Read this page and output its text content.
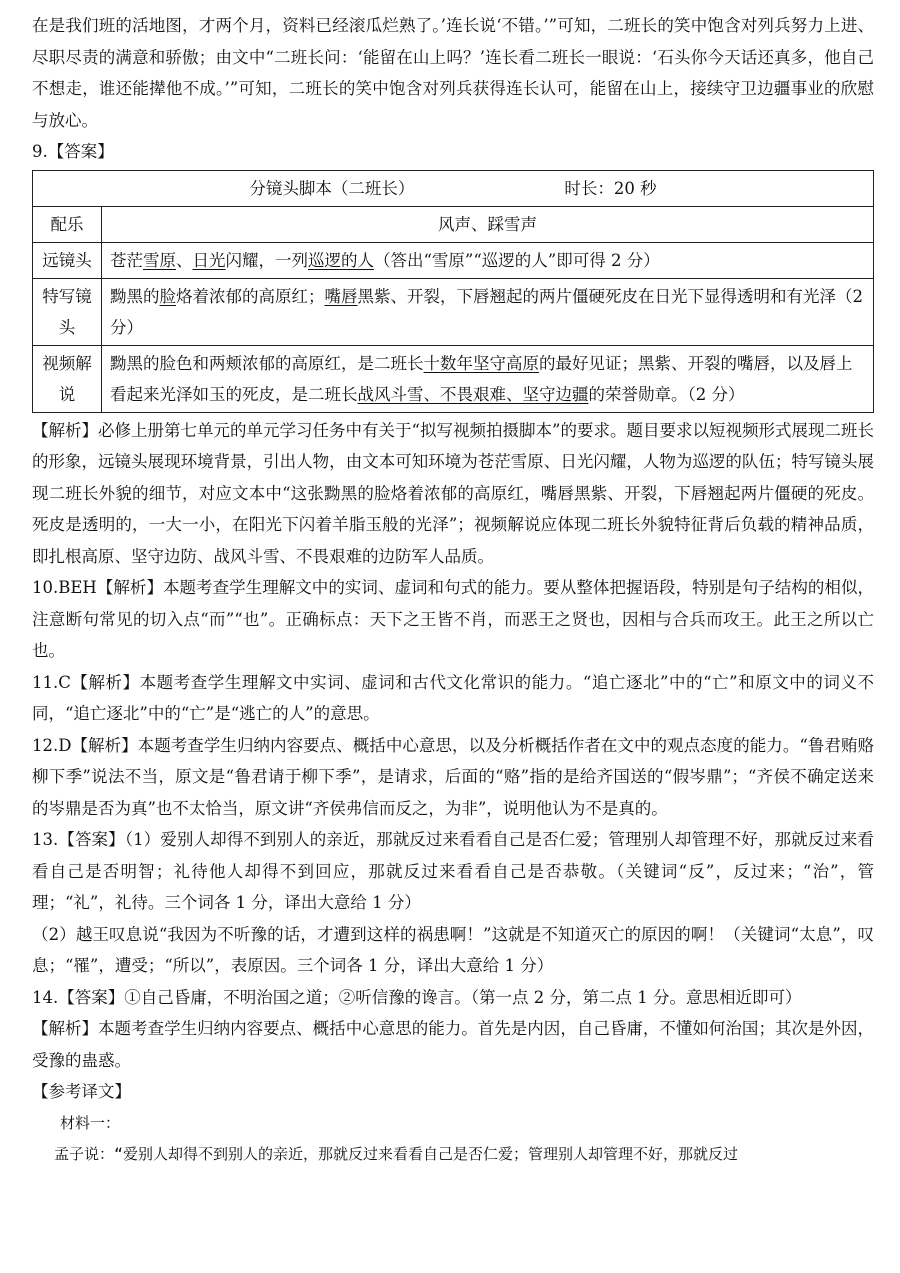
在是我们班的活地图，才两个月，资料已经滚瓜烂熟了。’连长说‘不错。’”可知，二班长的笑中饱含对列兵努力上进、尽职尽责的满意和骄傲；由文中“二班长问：‘能留在山上吗？’连长看二班长一眼说：‘石头你今天话还真多，他自己不想走，谁还能撵他不成。’”可知，二班长的笑中饱含对列兵获得连长认可，能留在山上，接续守卫边疆事业的欣慰与放心。

9.【答案】

分镜头脚本（二班长） 时长：20 秒	

配乐	风声、踩雪声
远镜头	苍茫雪原、日光闪耀，一列巡逻的人（答出“雪原”“巡逻的人”即可得 2 分）
特写镜头	黝黑的脸烙着浓郁的高原红；嘴唇黑紫、开裂，下唇翘起的两片僵硬死皮在日光下显得透明和有光泽（2 分）
视频解说	黝黑的脸色和两颊浓郁的高原红，是二班长十数年坚守高原的最好见证；黑紫、开裂的嘴唇，以及唇上看起来光泽如玉的死皮，是二班长战风斗雪、不畏艰难、坚守边疆的荣誉勋章。（2 分）

【解析】必修上册第七单元的单元学习任务中有关于“拟写视频拍摄脚本”的要求。题目要求以短视频形式展现二班长的形象，远镜头展现环境背景，引出人物，由文本可知环境为苍茫雪原、日光闪耀，人物为巡逻的队伍；特写镜头展现二班长外貌的细节，对应文本中“这张黝黑的脸烙着浓郁的高原红，嘴唇黑紫、开裂，下唇翘起两片僵硬的死皮。死皮是透明的，一大一小，在阳光下闪着羊脂玉般的光泽”；视频解说应体现二班长外貌特征背后负载的精神品质，即扎根高原、坚守边防、战风斗雪、不畏艰难的边防军人品质。

10.BEH【解析】本题考查学生理解文中的实词、虚词和句式的能力。要从整体把握语段，特别是句子结构的相似，注意断句常见的切入点“而”“也”。正确标点：天下之王皆不肖，而恶王之贤也，因相与合兵而攻王。此王之所以亡也。

11.C【解析】本题考查学生理解文中实词、虚词和古代文化常识的能力。“追亡逐北”中的“亡”和原文中的词义不同，“追亡逐北”中的“亡”是“逃亡的人”的意思。

12.D【解析】本题考查学生归纳内容要点、概括中心意思，以及分析概括作者在文中的观点态度的能力。“鲁君贿赂柳下季”说法不当，原文是“鲁君请于柳下季”，是请求，后面的“赂”指的是给齐国送的“假岑鼎”；“齐侯不确定送来的岑鼎是否为真”也不太恰当，原文讲“齐侯弗信而反之，为非”，说明他认为不是真的。

13.【答案】（1）爱别人却得不到别人的亲近，那就反过来看看自己是否仁爱；管理别人却管理不好，那就反过来看看自己是否明智；礼待他人却得不到回应，那就反过来看看自己是否恭敬。（关键词“反”，反过来；“治”，管理；“礼”，礼待。三个词各 1 分，译出大意给 1 分）

（2）越王叹息说“我因为不听豫的话，才遭到这样的祸患啊！”这就是不知道灭亡的原因的啊！（关键词“太息”，叹息；“罹”，遭受；“所以”，表原因。三个词各 1 分，译出大意给 1 分）

14.【答案】①自己昏庸，不明治国之道；②听信豫的谗言。（第一点 2 分，第二点 1 分。意思相近即可）

【解析】本题考查学生归纳内容要点、概括中心意思的能力。首先是内因，自己昏庸，不懂如何治国；其次是外因，受豫的蛊惑。

【参考译文】

材料一：

孟子说：“爱别人却得不到别人的亲近，那就反过来看看自己是否仁爱；管理别人却管理不好，那就反过
